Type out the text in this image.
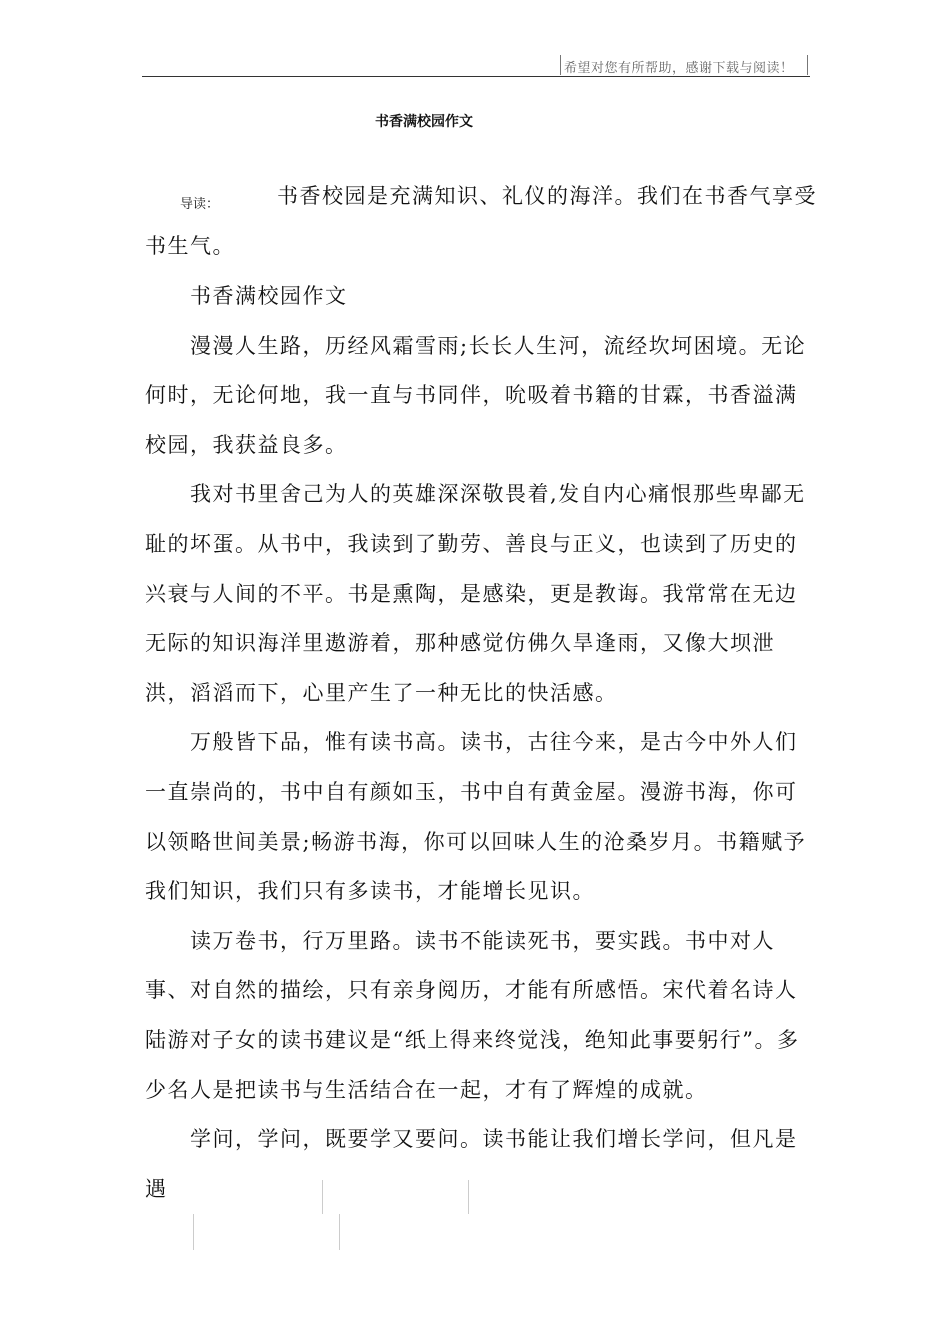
希望对您有所帮助，感谢下载与阅读！
书香满校园作文
导读：	书香校园是充满知识、礼仪的海洋。我们在书香气享受书生气。

书香满校园作文

漫漫人生路，历经风霜雪雨;长长人生河，流经坎坷困境。无论何时，无论何地，我一直与书同伴，吮吸着书籍的甘霖，书香溢满校园，我获益良多。

我对书里舍己为人的英雄深深敬畏着,发自内心痛恨那些卑鄙无耻的坏蛋。从书中，我读到了勤劳、善良与正义，也读到了历史的兴衰与人间的不平。书是熏陶，是感染，更是教诲。我常常在无边无际的知识海洋里遨游着，那种感觉仿佛久旱逢雨，又像大坝泄洪，滔滔而下，心里产生了一种无比的快活感。

万般皆下品，惟有读书高。读书，古往今来，是古今中外人们一直崇尚的，书中自有颜如玉，书中自有黄金屋。漫游书海，你可以领略世间美景;畅游书海，你可以回味人生的沧桑岁月。书籍赋予我们知识，我们只有多读书，才能增长见识。

读万卷书，行万里路。读书不能读死书，要实践。书中对人事、对自然的描绘，只有亲身阅历，才能有所感悟。宋代着名诗人陆游对子女的读书建议是“纸上得来终觉浅，绝知此事要躬行”。多少名人是把读书与生活结合在一起，才有了辉煌的成就。

学问，学问，既要学又要问。读书能让我们增长学问，但凡是遇
